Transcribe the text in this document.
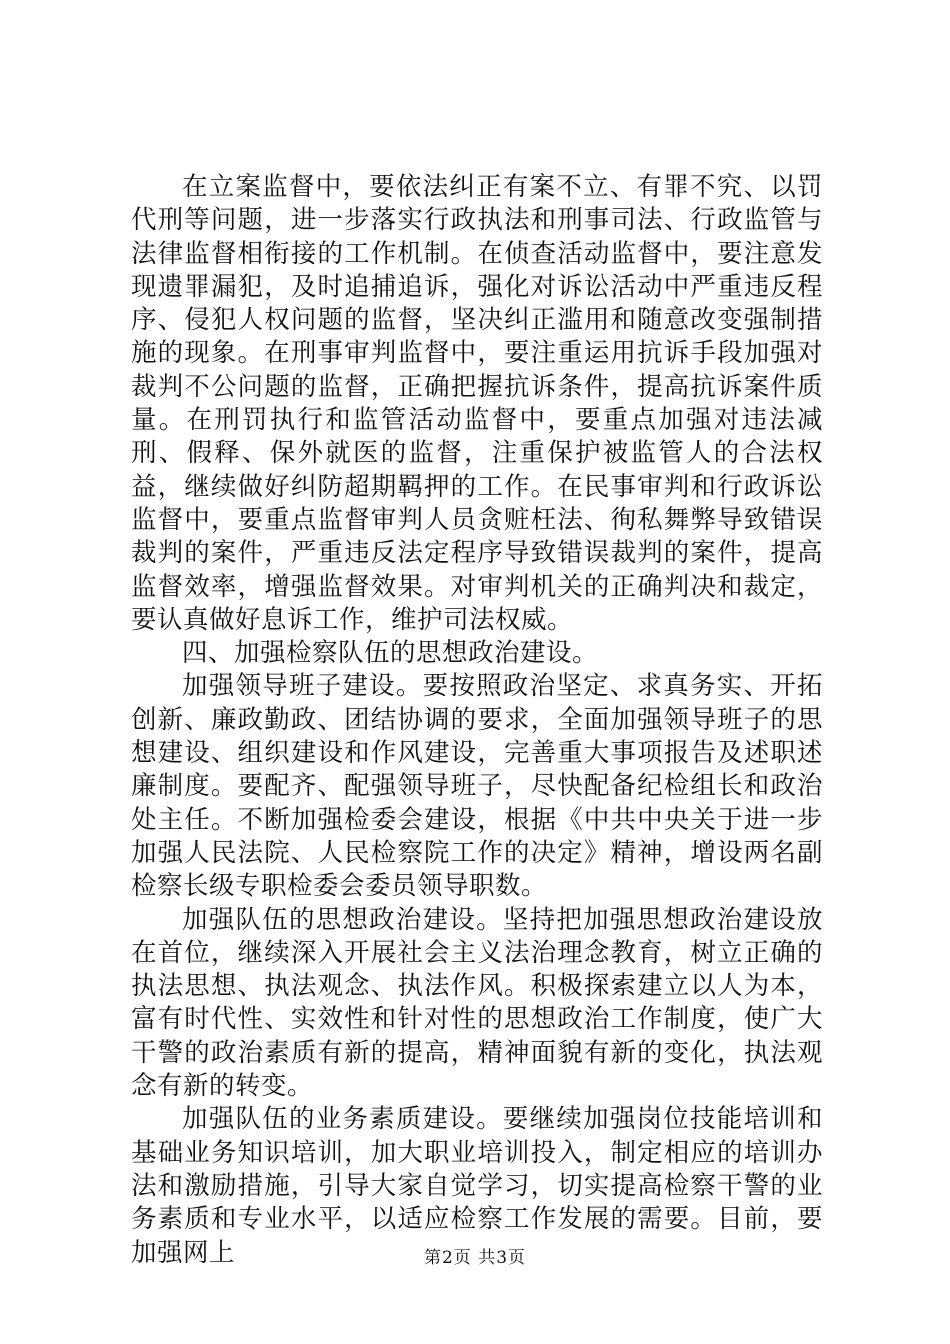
在立案监督中，要依法纠正有案不立、有罪不究、以罚代刑等问题，进一步落实行政执法和刑事司法、行政监管与法律监督相衔接的工作机制。在侦查活动监督中，要注意发现遗罪漏犯，及时追捕追诉，强化对诉讼活动中严重违反程序、侵犯人权问题的监督，坚决纠正滥用和随意改变强制措施的现象。在刑事审判监督中，要注重运用抗诉手段加强对裁判不公问题的监督，正确把握抗诉条件，提高抗诉案件质量。在刑罚执行和监管活动监督中，要重点加强对违法减刑、假释、保外就医的监督，注重保护被监管人的合法权益，继续做好纠防超期羁押的工作。在民事审判和行政诉讼监督中，要重点监督审判人员贪赃枉法、徇私舞弊导致错误裁判的案件，严重违反法定程序导致错误裁判的案件，提高监督效率，增强监督效果。对审判机关的正确判决和裁定，要认真做好息诉工作，维护司法权威。

四、加强检察队伍的思想政治建设。

加强领导班子建设。要按照政治坚定、求真务实、开拓创新、廉政勤政、团结协调的要求，全面加强领导班子的思想建设、组织建设和作风建设，完善重大事项报告及述职述廉制度。要配齐、配强领导班子，尽快配备纪检组长和政治处主任。不断加强检委会建设，根据《中共中央关于进一步加强人民法院、人民检察院工作的决定》精神，增设两名副检察长级专职检委会委员领导职数。

加强队伍的思想政治建设。坚持把加强思想政治建设放在首位，继续深入开展社会主义法治理念教育，树立正确的执法思想、执法观念、执法作风。积极探索建立以人为本，富有时代性、实效性和针对性的思想政治工作制度，使广大干警的政治素质有新的提高，精神面貌有新的变化，执法观念有新的转变。

加强队伍的业务素质建设。要继续加强岗位技能培训和基础业务知识培训，加大职业培训投入，制定相应的培训办法和激励措施，引导大家自觉学习，切实提高检察干警的业务素质和专业水平，以适应检察工作发展的需要。目前，要加强网上	第2页 共3页
